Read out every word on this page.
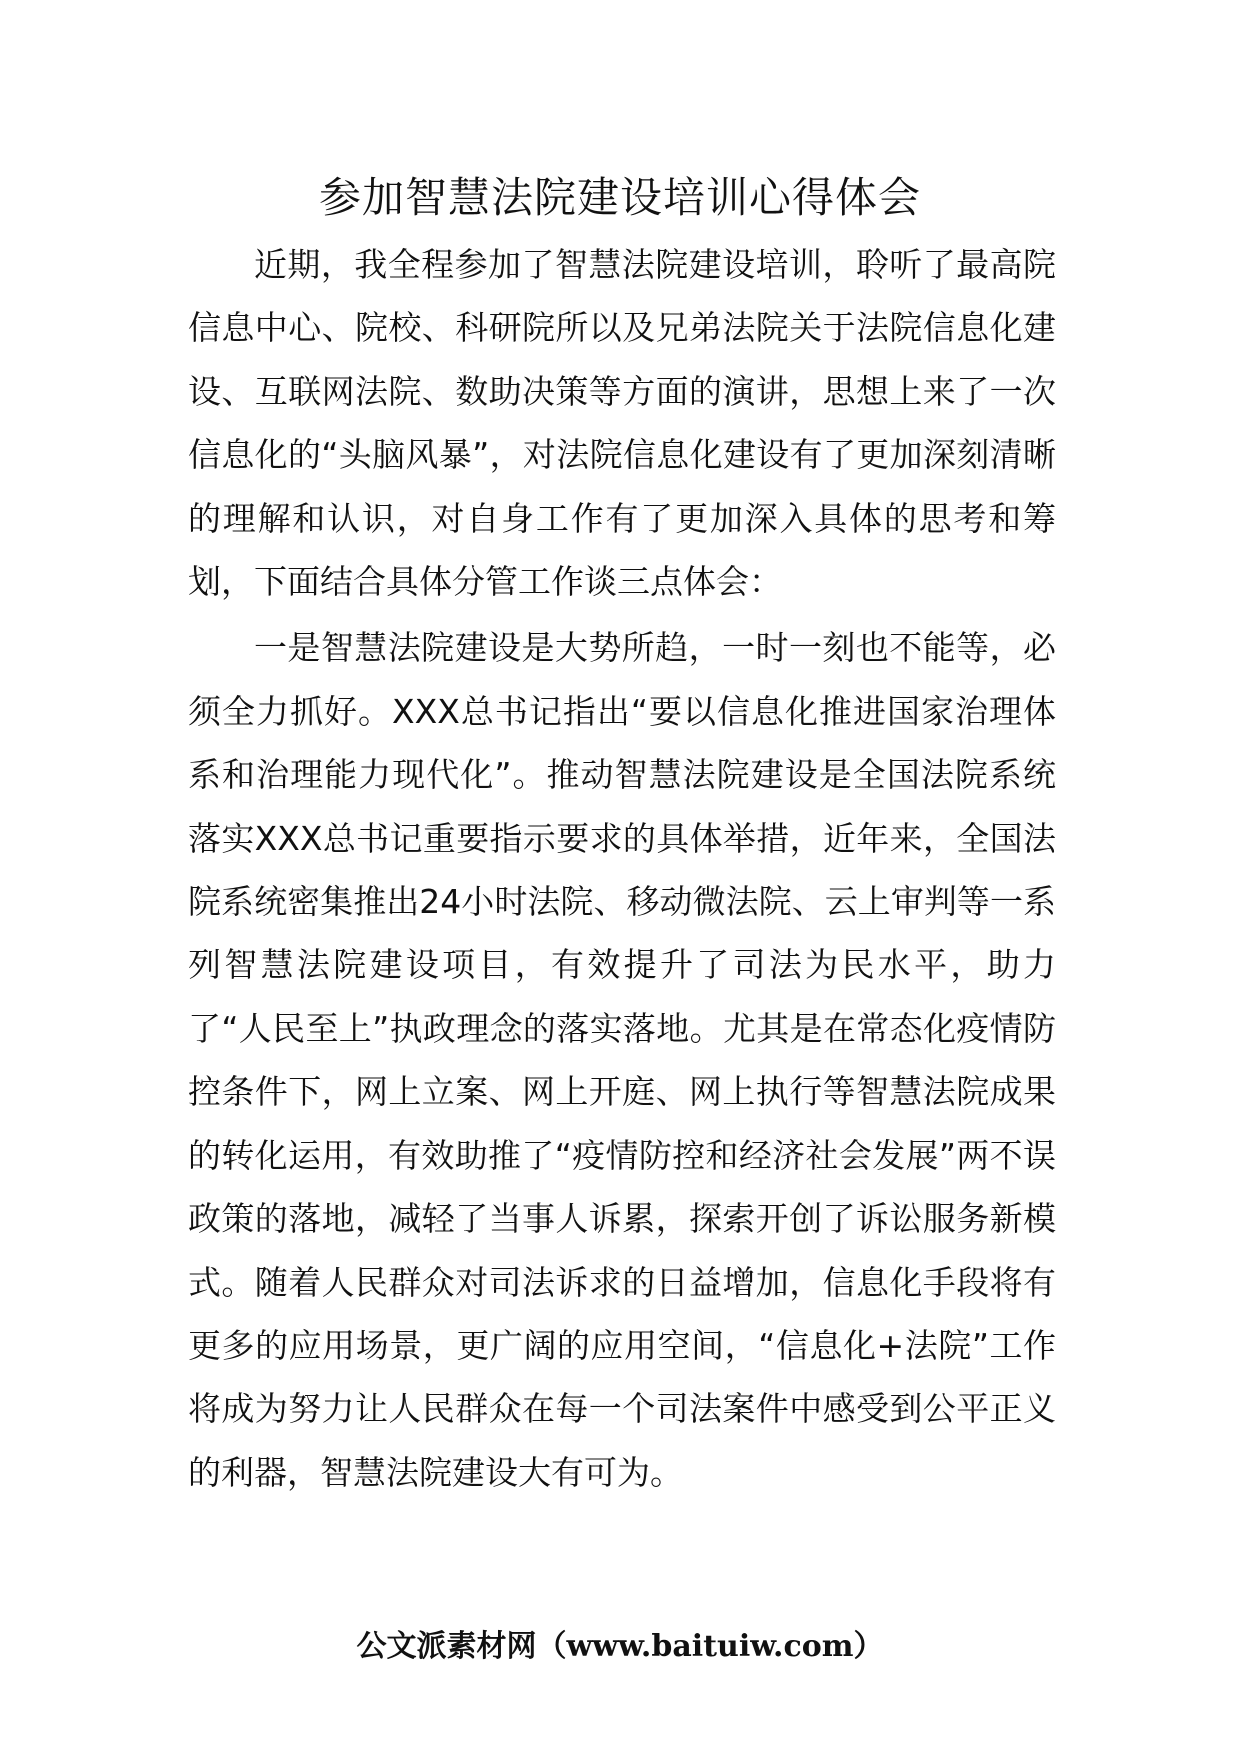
参加智慧法院建设培训心得体会

近期，我全程参加了智慧法院建设培训，聆听了最高院信息中心、院校、科研院所以及兄弟法院关于法院信息化建设、互联网法院、数助决策等方面的演讲，思想上来了一次信息化的“头脑风暴”，对法院信息化建设有了更加深刻清晰的理解和认识，对自身工作有了更加深入具体的思考和筹划，下面结合具体分管工作谈三点体会：

一是智慧法院建设是大势所趋，一时一刻也不能等，必须全力抓好。XXX总书记指出“要以信息化推进国家治理体系和治理能力现代化”。推动智慧法院建设是全国法院系统落实XXX总书记重要指示要求的具体举措，近年来，全国法院系统密集推出24小时法院、移动微法院、云上审判等一系列智慧法院建设项目，有效提升了司法为民水平，助力了“人民至上”执政理念的落实落地。尤其是在常态化疫情防控条件下，网上立案、网上开庭、网上执行等智慧法院成果的转化运用，有效助推了“疫情防控和经济社会发展”两不误政策的落地，减轻了当事人诉累，探索开创了诉讼服务新模式。随着人民群众对司法诉求的日益增加，信息化手段将有更多的应用场景，更广阔的应用空间，“信息化+法院”工作将成为努力让人民群众在每一个司法案件中感受到公平正义的利器，智慧法院建设大有可为。

公文派素材网（www.baituiw.com）
